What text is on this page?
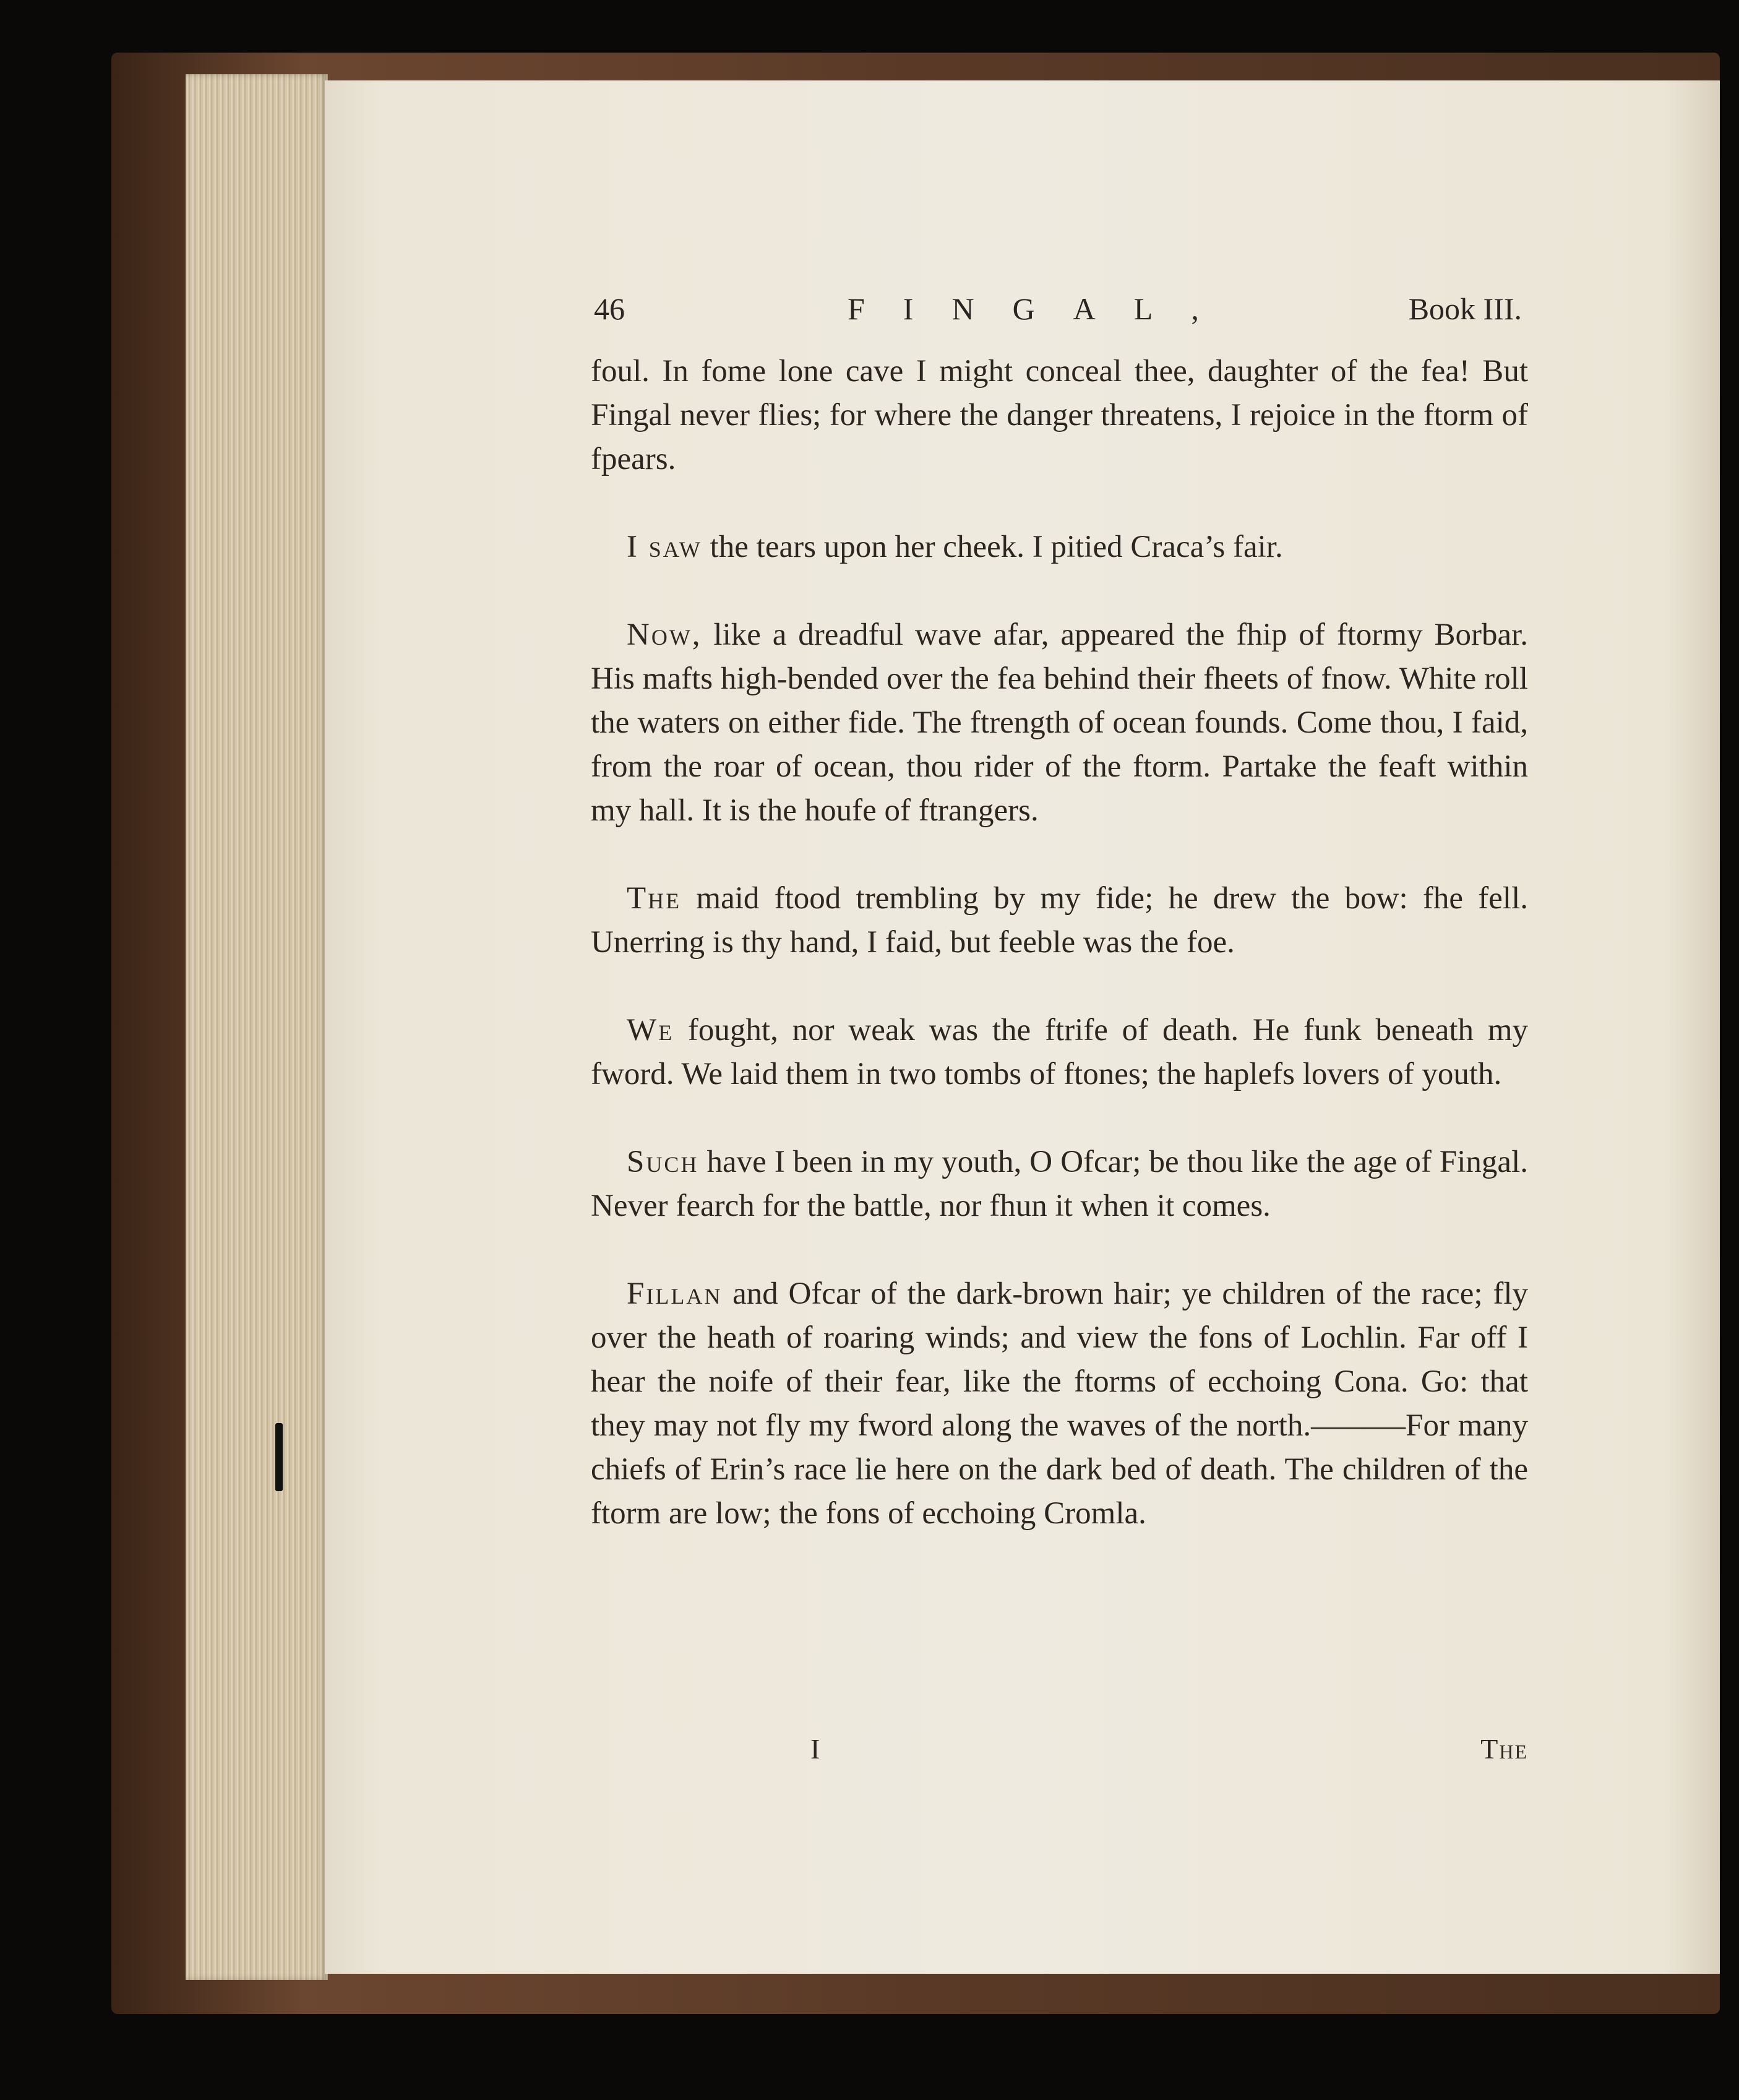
46	FINGAL,	Book III.

foul. In fome lone cave I might conceal thee, daughter of the fea! But Fingal never flies; for where the danger threatens, I rejoice in the ftorm of fpears.

I saw the tears upon her cheek. I pitied Craca’s fair.

Now, like a dreadful wave afar, appeared the fhip of ftormy Borbar. His mafts high-bended over the fea behind their fheets of fnow. White roll the waters on either fide. The ftrength of ocean founds. Come thou, I faid, from the roar of ocean, thou rider of the ftorm. Partake the feaft within my hall. It is the houfe of ftrangers.

The maid ftood trembling by my fide; he drew the bow: fhe fell. Unerring is thy hand, I faid, but feeble was the foe.

We fought, nor weak was the ftrife of death. He funk beneath my fword. We laid them in two tombs of ftones; the haplefs lovers of youth.

Such have I been in my youth, O Ofcar; be thou like the age of Fingal. Never fearch for the battle, nor fhun it when it comes.

Fillan and Ofcar of the dark-brown hair; ye children of the race; fly over the heath of roaring winds; and view the fons of Lochlin. Far off I hear the noife of their fear, like the ftorms of ecchoing Cona. Go: that they may not fly my fword along the waves of the north.———For many chiefs of Erin’s race lie here on the dark bed of death. The children of the ftorm are low; the fons of ecchoing Cromla.

I	The
